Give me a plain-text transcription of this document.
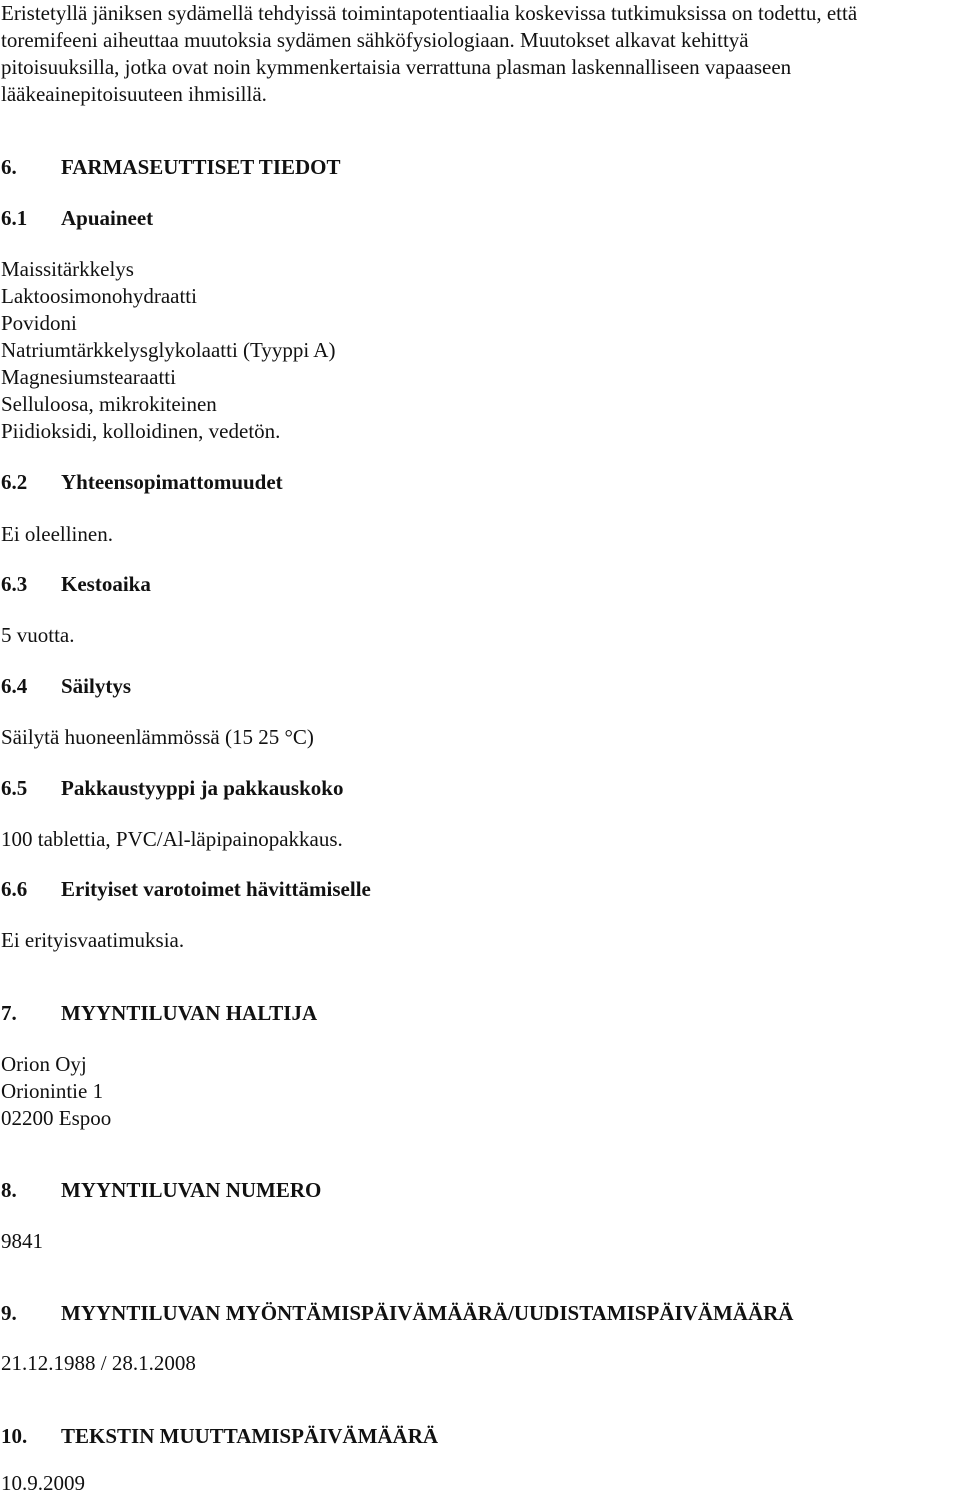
Eristetyllä jäniksen sydämellä tehdyissä toimintapotentiaalia koskevissa tutkimuksissa on todettu, että
toremifeeni aiheuttaa muutoksia sydämen sähköfysiologiaan. Muutokset alkavat kehittyä
pitoisuuksilla, jotka ovat noin kymmenkertaisia verrattuna plasman laskennalliseen vapaaseen
lääkeainepitoisuuteen ihmisillä.
6. FARMASEUTTISET TIEDOT
6.1 Apuaineet
Maissitärkkelys
Laktoosimonohydraatti
Povidoni
Natriumtärkkelysglykolaatti (Tyyppi A)
Magnesiumstearaatti
Selluloosa, mikrokiteinen
Piidioksidi, kolloidinen, vedetön.
6.2 Yhteensopimattomuudet

Ei oleellinen.

6.3 Kestoaika

5 vuotta.

6.4 Säilytys

Säilytä huoneenlämmössä (15 25 °C)

6.5 Pakkaustyyppi ja pakkauskoko

100 tablettia, PVC/Al-läpipainopakkaus.

6.6 Erityiset varotoimet hävittämiselle

Ei erityisvaatimuksia.

7. MYYNTILUVAN HALTIJA
Orion Oyj
Orionintie 1
02200 Espoo
8. MYYNTILUVAN NUMERO

9841

9. MYYNTILUVAN MYÖNTÄMISPÄIVÄMÄÄRÄ/UUDISTAMISPÄIVÄMÄÄRÄ

21.12.1988 / 28.1.2008

10. TEKSTIN MUUTTAMISPÄIVÄMÄÄRÄ

10.9.2009
